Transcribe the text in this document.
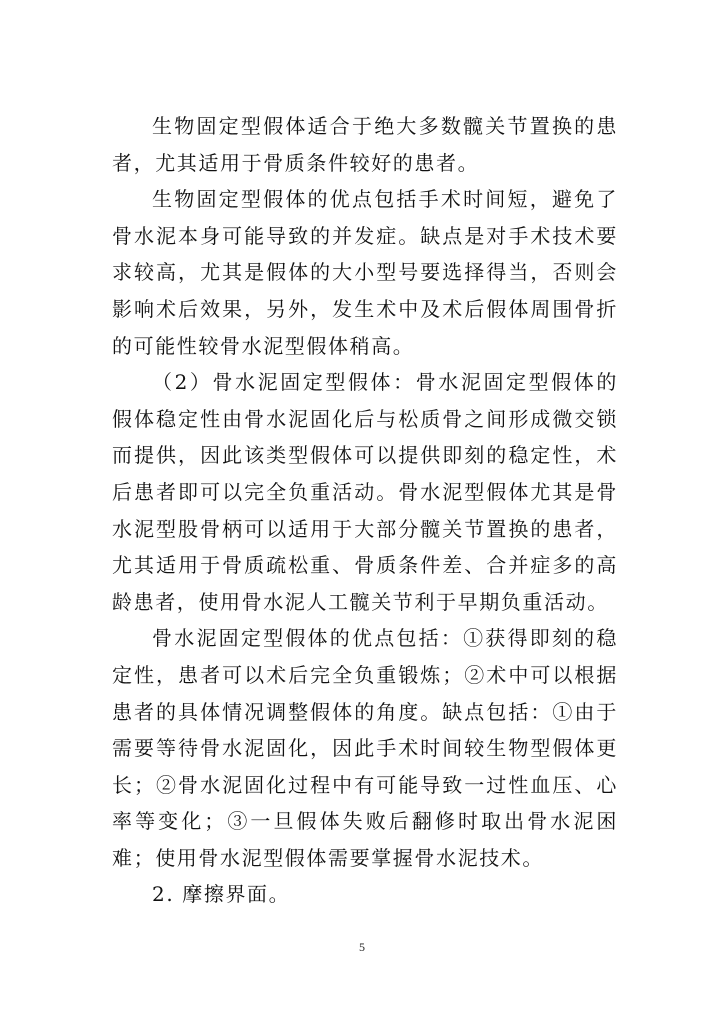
生物固定型假体适合于绝大多数髋关节置换的患者，尤其适用于骨质条件较好的患者。

生物固定型假体的优点包括手术时间短，避免了骨水泥本身可能导致的并发症。缺点是对手术技术要求较高，尤其是假体的大小型号要选择得当，否则会影响术后效果，另外，发生术中及术后假体周围骨折的可能性较骨水泥型假体稍高。

（2）骨水泥固定型假体：骨水泥固定型假体的假体稳定性由骨水泥固化后与松质骨之间形成微交锁而提供，因此该类型假体可以提供即刻的稳定性，术后患者即可以完全负重活动。骨水泥型假体尤其是骨水泥型股骨柄可以适用于大部分髋关节置换的患者，尤其适用于骨质疏松重、骨质条件差、合并症多的高龄患者，使用骨水泥人工髋关节利于早期负重活动。

骨水泥固定型假体的优点包括：①获得即刻的稳定性，患者可以术后完全负重锻炼；②术中可以根据患者的具体情况调整假体的角度。缺点包括：①由于需要等待骨水泥固化，因此手术时间较生物型假体更长；②骨水泥固化过程中有可能导致一过性血压、心率等变化；③一旦假体失败后翻修时取出骨水泥困难；使用骨水泥型假体需要掌握骨水泥技术。

2. 摩擦界面。

5
